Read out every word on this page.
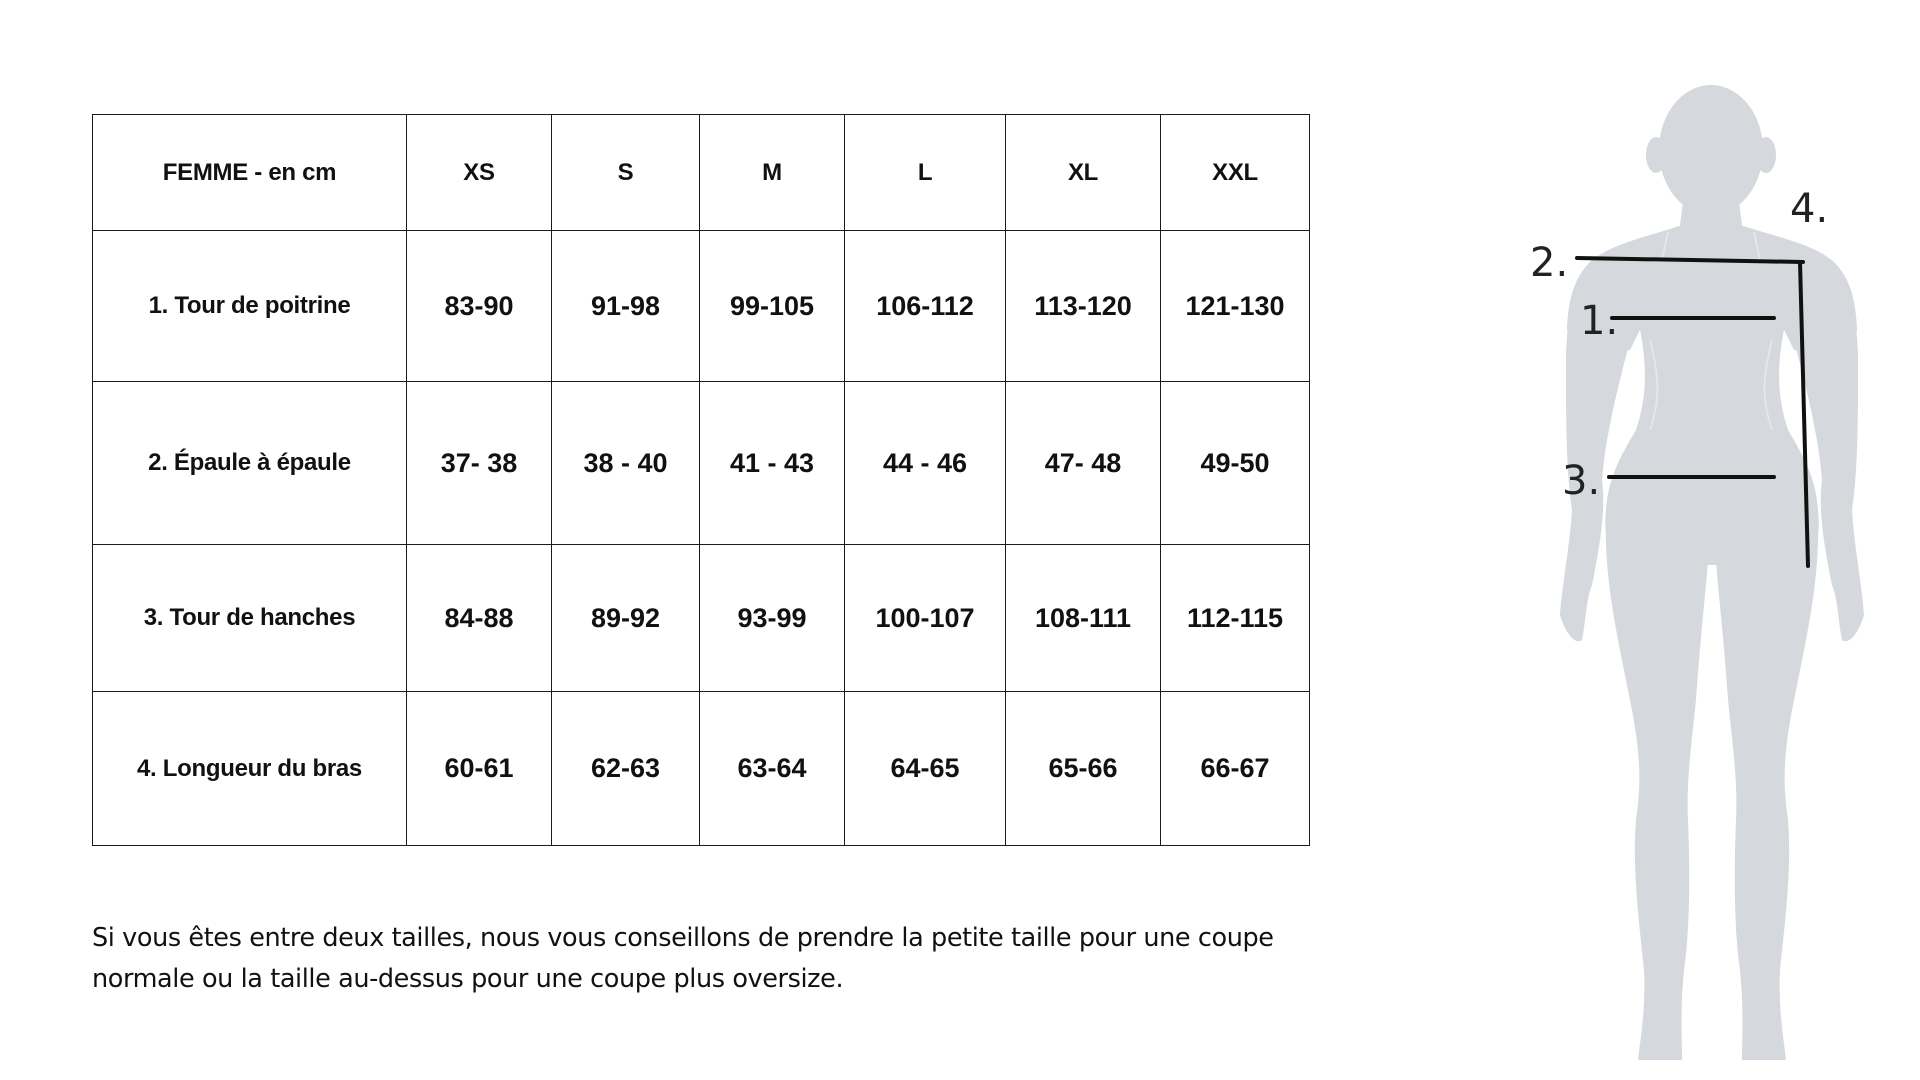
FEMME - en cm	XS	S	M	L	XL	XXL
1. Tour de poitrine	83-90	91-98	99-105	106-112	113-120	121-130
2. Épaule à épaule	37- 38	38 - 40	41 - 43	44 - 46	47- 48	49-50
3. Tour de hanches	84-88	89-92	93-99	100-107	108-111	112-115
4. Longueur du bras	60-61	62-63	63-64	64-65	65-66	66-67

Si vous êtes entre deux tailles, nous vous conseillons de prendre la petite taille pour une coupe
normale ou la taille au-dessus pour une coupe plus oversize.

2.
1.
3.
4.
